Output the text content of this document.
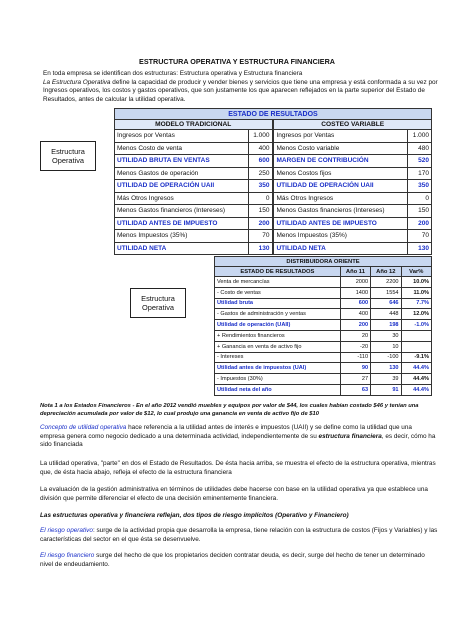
ESTRUCTURA OPERATIVA Y ESTRUCTURA FINANCIERA
En toda empresa se identifican dos estructuras: Estructura operativa y Estructura financiera
La Estructura Operativa define la capacidad de producir y vender bienes y servicios que tiene una empresa y está conformada a su vez por Ingresos operativos, los costos y gastos operativos, que son justamente los que aparecen reflejados en la parte superior del Estado de Resultados, antes de calcular la utilidad operativa.
Estructura Operativa
ESTADO DE RESULTADOS			
MODELO TRADICIONAL		COSTEO VARIABLE	
Ingresos por Ventas	1.000		Ingresos por Ventas	1.000
Menos Costo de venta	400		Menos Costo variable	480
UTILIDAD BRUTA EN VENTAS	600		MARGEN DE CONTRIBUCIÓN	520
Menos Gastos de operación	250		Menos Costos fijos	170
UTILIDAD DE OPERACIÓN UAII	350		UTILIDAD DE OPERACIÓN UAII	350
Más Otros Ingresos	0		Más Otros Ingresos	0
Menos Gastos financieros (Intereses)	150		Menos Gastos financieros (Intereses)	150
UTILIDAD ANTES DE IMPUESTO	200		UTILIDAD ANTES DE IMPUESTO	200
Menos Impuestos (35%)	70		Menos Impuestos (35%)	70
UTILIDAD NETA	130		UTILIDAD NETA	130
Estructura Operativa
DISTRIBUIDORA ORIENTE			
ESTADO DE RESULTADOS	Año 11	Año 12	Var%
Venta de mercancías	2000	2200	10.0%
- Costo de ventas	1400	1554	11.0%
Utilidad bruta	600	646	7.7%
- Gastos de administración y ventas	400	448	12.0%
Utilidad de operación (UAII)	200	198	-1.0%
+ Rendimientos financieros	20	30	
+ Ganancia en venta de activo fijo	-20	10	
- Intereses	-110	-100	-9.1%
Utilidad antes de impuestos (UAI)	90	130	44.4%
- Impuestos (30%)	27	39	44.4%
Utilidad neta del año	63	91	44.4%
Nota 1 a los Estados Financieros - En el año 2012 vendió muebles y equipos por valor de $44, los cuales habían costado $46 y tenían una depreciación acumulada por valor de $12, lo cual produjo una ganancia en venta de activo fijo de $10
Concepto de utilidad operativa hace referencia a la utilidad antes de interés e impuestos (UAII) y se define como la utilidad que una empresa genera como negocio dedicado a una determinada actividad, independientemente de su estructura financiera, es decir, cómo ha sido financiada
La utilidad operativa, "parte" en dos el Estado de Resultados. De ésta hacia arriba, se muestra el efecto de la estructura operativa, mientras que, de ésta hacia abajo, refleja el efecto de la estructura financiera
La evaluación de la gestión administrativa en términos de utilidades debe hacerse con base en la utilidad operativa ya que establece una división que permite diferenciar el efecto de una decisión eminentemente financiera.
Las estructuras operativa y financiera reflejan, dos tipos de riesgo implícitos (Operativo y Financiero)
El riesgo operativo: surge de la actividad propia que desarrolla la empresa, tiene relación con la estructura de costos (Fijos y Variables) y las características del sector en el que ésta se desenvuelve.
El riesgo financiero surge del hecho de que los propietarios deciden contratar deuda, es decir, surge del hecho de tener un determinado nivel de endeudamiento.
